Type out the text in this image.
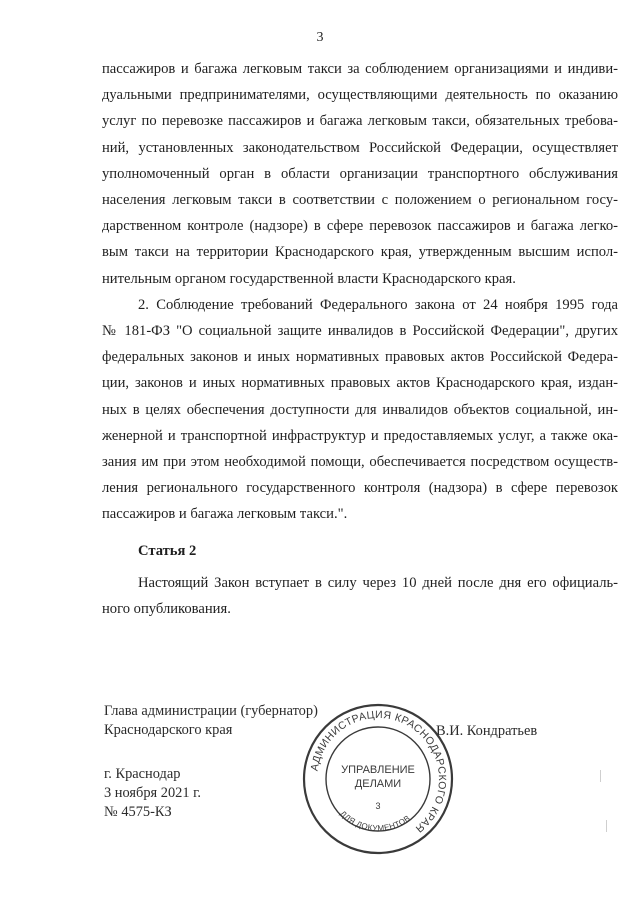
3

пассажиров и багажа легковым такси за соблюдением организациями и индиви-
дуальными предпринимателями, осуществляющими деятельность по оказанию
услуг по перевозке пассажиров и багажа легковым такси, обязательных требова-
ний, установленных законодательством Российской Федерации, осуществляет
уполномоченный орган в области организации транспортного обслуживания
населения легковым такси в соответствии с положением о региональном госу-
дарственном контроле (надзоре) в сфере перевозок пассажиров и багажа легко-
вым такси на территории Краснодарского края, утвержденным высшим испол-
нительным органом государственной власти Краснодарского края.

2. Соблюдение требований Федерального закона от 24 ноября 1995 года
№ 181-ФЗ "О социальной защите инвалидов в Российской Федерации", других
федеральных законов и иных нормативных правовых актов Российской Федера-
ции, законов и иных нормативных правовых актов Краснодарского края, издан-
ных в целях обеспечения доступности для инвалидов объектов социальной, ин-
женерной и транспортной инфраструктур и предоставляемых услуг, а также ока-
зания им при этом необходимой помощи, обеспечивается посредством осуществ-
ления регионального государственного контроля (надзора) в сфере перевозок
пассажиров и багажа легковым такси.".

Статья 2
Настоящий Закон вступает в силу через 10 дней после дня его официаль-
ного опубликования.
Глава администрации (губернатор)
Краснодарского края	В.И. Кондратьев
г. Краснодар
3 ноября 2021 г.
№ 4575-КЗ
АДМИНИСТРАЦИЯ КРАСНОДАРСКОГО КРАЯ
ДЛЯ ДОКУМЕНТОВ
УПРАВЛЕНИЕ
ДЕЛАМИ
3
